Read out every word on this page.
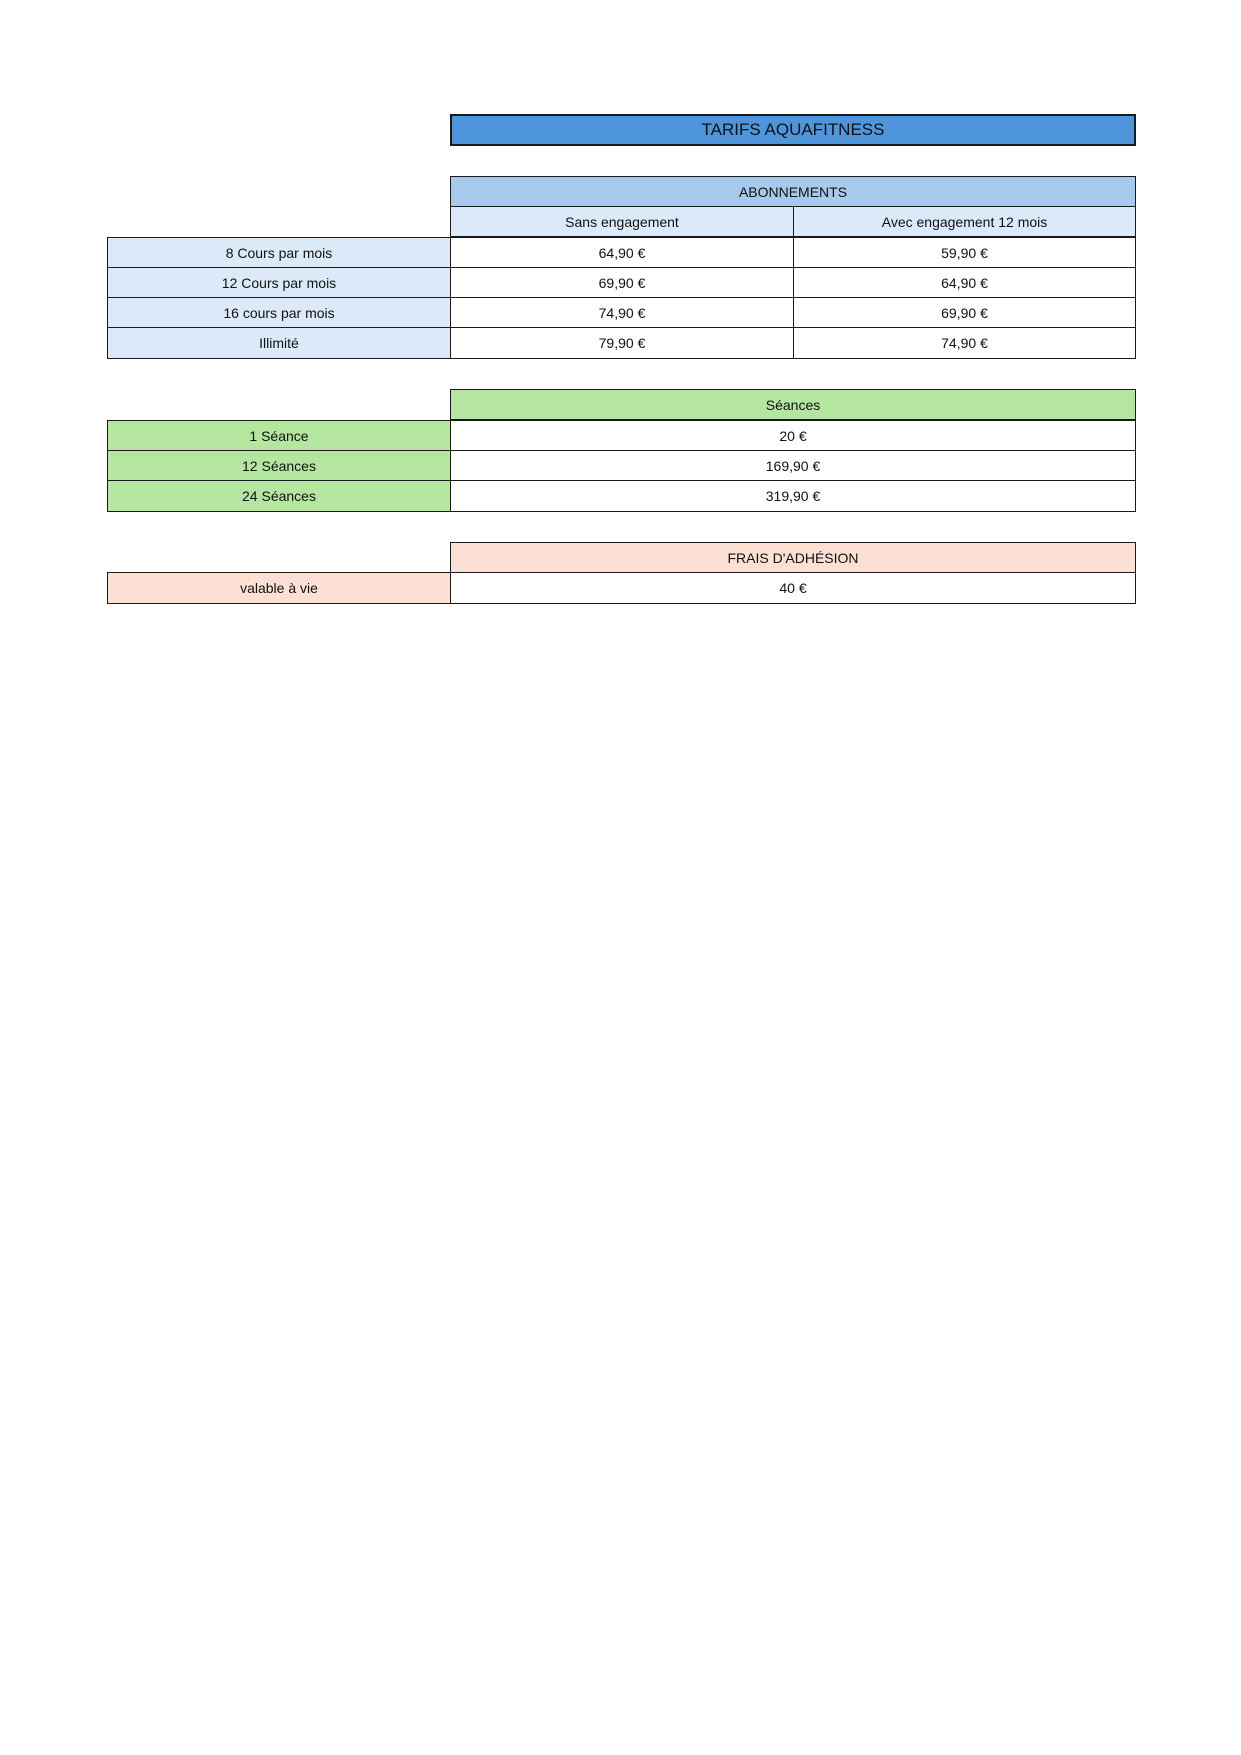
TARIFS AQUAFITNESS
ABONNEMENTS
Sans engagement	Avec engagement 12 mois
8 Cours par mois	64,90 €	59,90 €
12 Cours par mois	69,90 €	64,90 €
16 cours par mois	74,90 €	69,90 €
Illimité	79,90 €	74,90 €
Séances
1 Séance	20 €
12 Séances	169,90 €
24 Séances	319,90 €
FRAIS D'ADHÉSION
valable à vie	40 €
